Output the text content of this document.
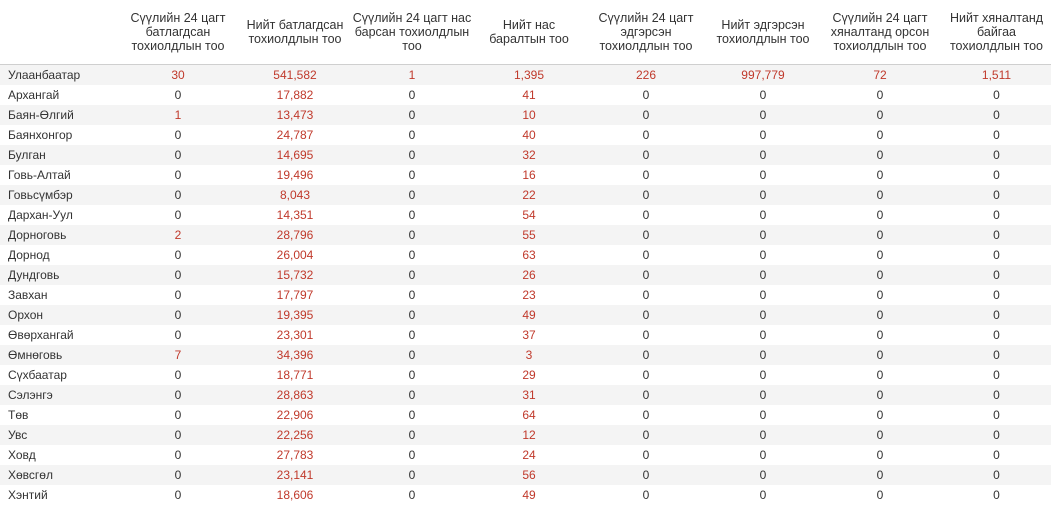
	Сүүлийн 24 цагт батлагдсан тохиолдлын тоо	Нийт батлагдсан тохиолдлын тоо	Сүүлийн 24 цагт нас барсан тохиолдлын тоо	Нийт нас баралтын тоо	Сүүлийн 24 цагт эдгэрсэн тохиолдлын тоо	Нийт эдгэрсэн тохиолдлын тоо	Сүүлийн 24 цагт хяналтанд орсон тохиолдлын тоо	Нийт хяналтанд байгаа тохиолдлын тоо
Улаанбаатар	30	541,582	1	1,395	226	997,779	72	1,511
Архангай	0	17,882	0	41	0	0	0	0
Баян-Өлгий	1	13,473	0	10	0	0	0	0
Баянхонгор	0	24,787	0	40	0	0	0	0
Булган	0	14,695	0	32	0	0	0	0
Говь-Алтай	0	19,496	0	16	0	0	0	0
Говьсүмбэр	0	8,043	0	22	0	0	0	0
Дархан-Уул	0	14,351	0	54	0	0	0	0
Дорноговь	2	28,796	0	55	0	0	0	0
Дорнод	0	26,004	0	63	0	0	0	0
Дундговь	0	15,732	0	26	0	0	0	0
Завхан	0	17,797	0	23	0	0	0	0
Орхон	0	19,395	0	49	0	0	0	0
Өвөрхангай	0	23,301	0	37	0	0	0	0
Өмнөговь	7	34,396	0	3	0	0	0	0
Сүхбаатар	0	18,771	0	29	0	0	0	0
Сэлэнгэ	0	28,863	0	31	0	0	0	0
Төв	0	22,906	0	64	0	0	0	0
Увс	0	22,256	0	12	0	0	0	0
Ховд	0	27,783	0	24	0	0	0	0
Хөвсгөл	0	23,141	0	56	0	0	0	0
Хэнтий	0	18,606	0	49	0	0	0	0
